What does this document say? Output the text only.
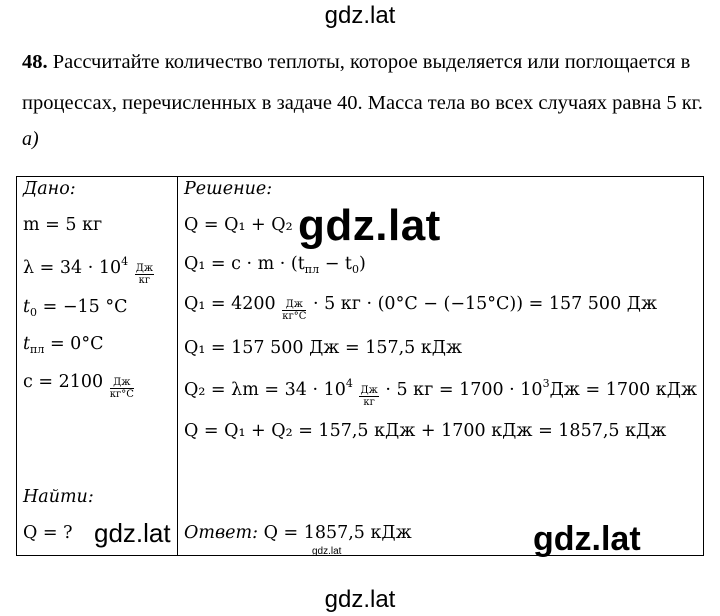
gdz.lat
48. Рассчитайте количество теплоты, которое выделяется или поглощается в процессах, перечисленных в задаче 40. Масса тела во всех случаях равна 5 кг.
а)
Дано:
m = 5 кг
$\lambda = 34 \cdot 10^4$
$\frac{Дж}{кг}$
$t_0 = -15$ °C
$t_{пл} = 0^\circ C$
$c = 2100 \frac{Дж}{кг^\circ C}$
Найти:
Q = ?

Решение:
Q = Q₁ + Q₂
$Q_1 = c \cdot m \cdot (t_{пл} - t_0)$
$Q_1 = 4200 \frac{Дж}{кг^\circ C} \cdot 5$ кг · (0°C − (−15°C)) = 157 500 Дж
Q₁ = 157 500 Дж = 157,5 кДж
$Q_2 = \lambda m = 34 \cdot 10^4$
$\frac{Дж}{кг} \cdot 5$ кг = $1700 \cdot 10^3Дж = 1700$ кДж
Q = Q₁ + Q₂ = 157,5 кДж + 1700 кДж = 1857,5 кДж
Ответ: Q = 1857,5 кДж
gdz.lat
gdz.lat	gdz.lat
gdz.lat
gdz.lat
